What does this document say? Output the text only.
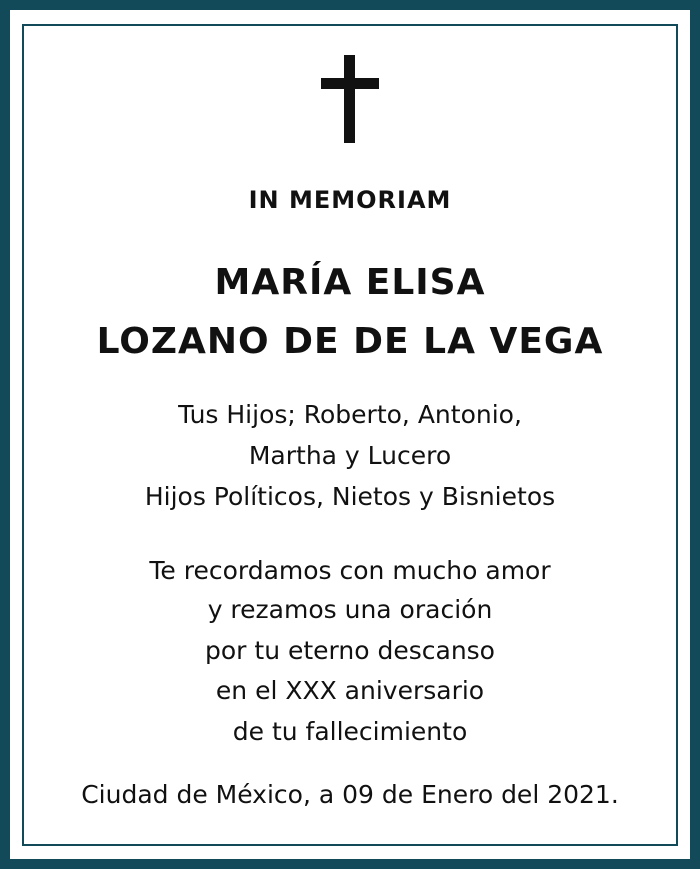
IN MEMORIAM
MARÍA ELISA
LOZANO DE DE LA VEGA
Tus Hijos; Roberto, Antonio,
Martha y Lucero
Hijos Políticos, Nietos y Bisnietos
Te recordamos con mucho amor
y rezamos una oración
por tu eterno descanso
en el XXX aniversario
de tu fallecimiento
Ciudad de México, a 09 de Enero del 2021.
